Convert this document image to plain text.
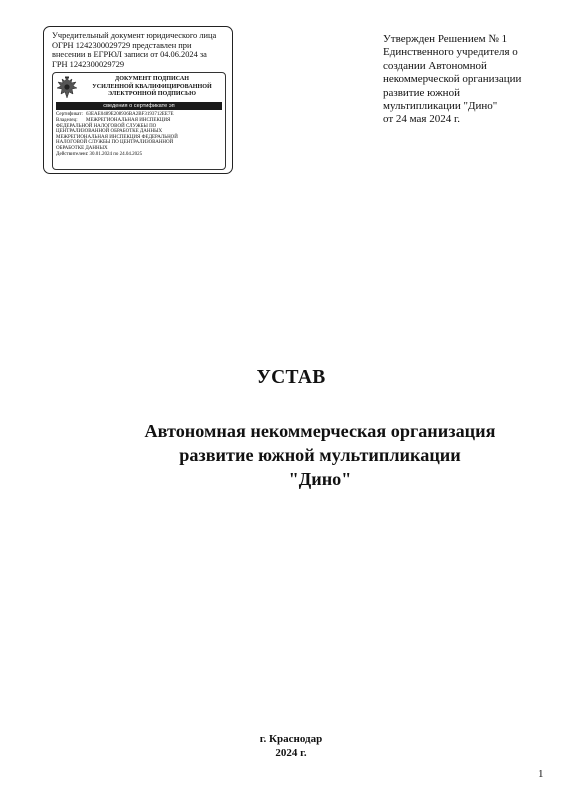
Учредительный документ юридического лица
ОГРН 1242300029729 представлен при
внесении в ЕГРЮЛ записи от 04.06.2024 за
ГРН 1242300029729
ДОКУМЕНТ ПОДПИСАН
УСИЛЕННОЙ КВАЛИФИЦИРОВАННОЙ
ЭЛЕКТРОННОЙ ПОДПИСЬЮ
сведения о сертификате эп
Сертификат: 63EAE0489E208936BA2BF3193712EE7E
Владелец:	МЕЖРЕГИОНАЛЬНАЯ ИНСПЕКЦИЯ
ФЕДЕРАЛЬНОЙ НАЛОГОВОЙ СЛУЖБЫ ПО
ЦЕНТРАЛИЗОВАННОЙ ОБРАБОТКЕ ДАННЫХ
МЕЖРЕГИОНАЛЬНАЯ ИНСПЕКЦИЯ ФЕДЕРАЛЬНОЙ
НАЛОГОВОЙ СЛУЖБЫ ПО ЦЕНТРАЛИЗОВАННОЙ
ОБРАБОТКЕ ДАННЫХ
Действителен: с 30.01.2024 по 24.04.2025
Утвержден Решением № 1
Единственного учредителя о
создании Автономной
некоммерческой организации
развитие южной
мультипликации "Дино"
от 24 мая 2024 г.
УСТАВ
Автономная некоммерческая организация
развитие южной мультипликации
"Дино"
г. Краснодар
2024 г.
1
